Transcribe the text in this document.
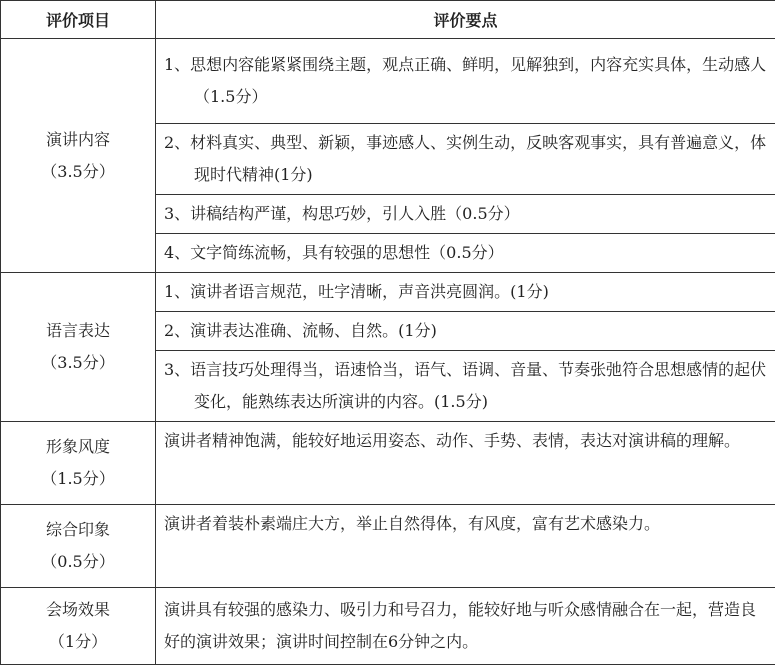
评价项目	评价要点

演讲内容
（3.5分）	1、思想内容能紧紧围绕主题，观点正确、鲜明，见解独到，内容充实具体，生动感人（1.5分）

	2、材料真实、典型、新颖，事迹感人、实例生动，反映客观事实，具有普遍意义，体现时代精神(1分)

	3、讲稿结构严谨，构思巧妙，引人入胜（0.5分）

	4、文字简练流畅，具有较强的思想性（0.5分）

语言表达
（3.5分）	1、演讲者语言规范，吐字清晰，声音洪亮圆润。(1分)

	2、演讲表达准确、流畅、自然。(1分)

	3、语言技巧处理得当，语速恰当，语气、语调、音量、节奏张弛符合思想感情的起伏变化，能熟练表达所演讲的内容。(1.5分)

形象风度
（1.5分）	演讲者精神饱满，能较好地运用姿态、动作、手势、表情，表达对演讲稿的理解。

综合印象
（0.5分）	演讲者着装朴素端庄大方，举止自然得体，有风度，富有艺术感染力。

会场效果
（1分）	演讲具有较强的感染力、吸引力和号召力，能较好地与听众感情融合在一起，营造良好的演讲效果；演讲时间控制在6分钟之内。
